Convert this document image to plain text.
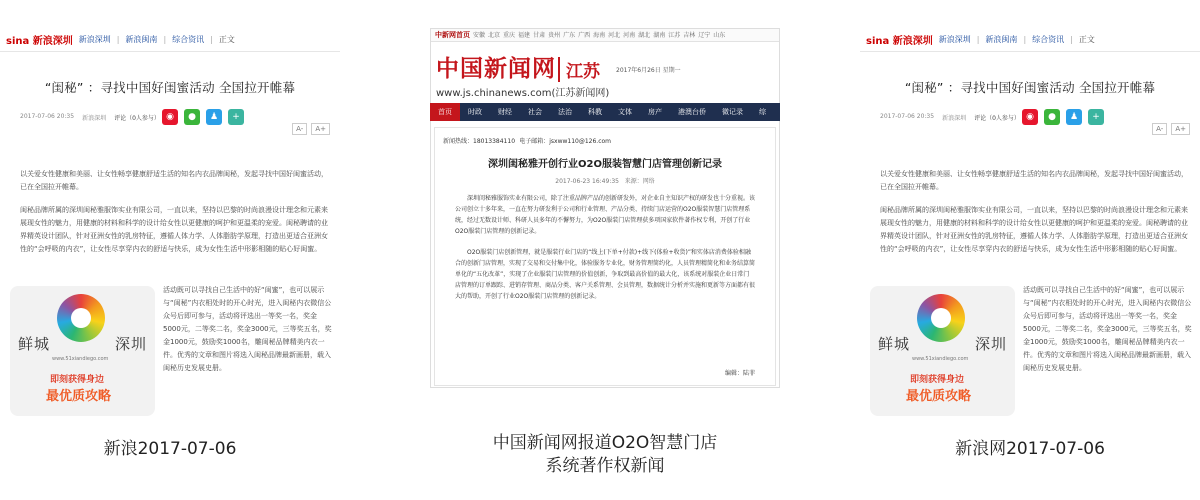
sina 新浪深圳 新浪深圳 | 新浪闽南 | 综合资讯 | 正文
“闺秘” ：寻找中国好闺蜜活动 全国拉开帷幕
2017-07-06 20:35 新浪深圳 评论（0人参与） ◉	●	♟	+
A-	A+
以关爱女性健康和美丽、让女性畅享健康舒适生活的知名内衣品牌闺秘，发起寻找中国好闺蜜活动，已在全国拉开帷幕。
闺秘品牌所属的深圳闺秘雅服饰实业有限公司，一直以来，坚持以巴黎的时尚浪漫设计理念和元素来展现女性的魅力，用健康的材料和科学的设计给女性以更健康的呵护和更温柔的宠爱。闺秘聘请的业界精英设计团队，针对亚洲女性的乳房特征，遵循人体力学、人体脂肪学原理，打造出更适合亚洲女性的“会呼吸的内衣”，让女性尽享穿内衣的舒适与快乐，成为女性生活中形影相随的贴心好闺蜜。
鲜城	深圳
www.51xiandiego.com
即刻获得身边
最优质攻略
活动既可以寻找自己生活中的好“闺蜜”，也可以展示与“闺秘”内衣相处时的开心时光，进入闺秘内衣微信公众号后即可参与，活动将评选出一等奖一名，奖金5000元，二等奖二名，奖金3000元，三等奖五名，奖金1000元，鼓励奖1000名，雕闺秘品牌精美内衣一件。优秀的文章和图片将选入闺秘品牌最新画册，载入闺秘历史发展史册。
中新网首页 安徽 北京 重庆 福建 甘肃 贵州 广东 广西 海南 河北 河南 湖北 湖南 江苏 吉林 辽宁 山东
中国新闻网 江苏	2017年6月26日 星期一
www.js.chinanews.com(江苏新闻网)
首页	时政	财经	社会	法治	科教	文体	房产	港澳台侨	微记录	综
新闻热线：18013384110 电子邮箱：jsxww110@126.com
深圳闺秘雅开创行业O2O服装智慧门店管理创新记录
2017-06-23 16:49:35 来源：网络
深圳闺秘雅服饰实业有限公司，除了注重品牌产品的创新研发外，对企业自主知识产权的研发也十分重视。该公司创立十多年来，一直在努力研发利于公司和行业管理、产品分类、持续门店运营的O2O服装智慧门店管理系统，经过无数设计师、科研人员多年的不懈努力，为O2O服装门店管理获多项国家软件著作权专利，开创了行业O2O服装门店管理的创新记录。
O2O服装门店创新管理，就是服装行业门店的“线上(下单+付款)+线下(体验+收货)”和实体店消费体验相融合的创新门店管理，实现了交易和交付集中化，体验服务专业化，财务管理简约化，人员管理精简化和业务结算简单化的“五化改革”，实现了企业服装门店管理的价值创新，争取到最高价值的最大化，该系统对服装企业日常门店管理的订单跟踪、进销存管理、商品分类、客户关系管理、会员管理，数据统计分析并实施和更新等方面都有很大的帮助，开创了行业O2O服装门店管理的创新记录。
编辑：陆菲
sina 新浪深圳 新浪深圳 | 新浪闽南 | 综合资讯 | 正文
“闺秘” ：寻找中国好闺蜜活动 全国拉开帷幕
2017-07-06 20:35 新浪深圳 评论（0人参与） ◉	●	♟	+
A-	A+
以关爱女性健康和美丽、让女性畅享健康舒适生活的知名内衣品牌闺秘，发起寻找中国好闺蜜活动，已在全国拉开帷幕。
闺秘品牌所属的深圳闺秘雅服饰实业有限公司，一直以来，坚持以巴黎的时尚浪漫设计理念和元素来展现女性的魅力，用健康的材料和科学的设计给女性以更健康的呵护和更温柔的宠爱。闺秘聘请的业界精英设计团队，针对亚洲女性的乳房特征，遵循人体力学、人体脂肪学原理，打造出更适合亚洲女性的“会呼吸的内衣”，让女性尽享穿内衣的舒适与快乐，成为女性生活中形影相随的贴心好闺蜜。
鲜城	深圳
www.51xiandiego.com
即刻获得身边
最优质攻略
活动既可以寻找自己生活中的好“闺蜜”，也可以展示与“闺秘”内衣相处时的开心时光，进入闺秘内衣微信公众号后即可参与，活动将评选出一等奖一名，奖金5000元，二等奖二名，奖金3000元，三等奖五名，奖金1000元，鼓励奖1000名，雕闺秘品牌精美内衣一件。优秀的文章和图片将选入闺秘品牌最新画册，载入闺秘历史发展史册。
新浪2017-07-06	中国新闻网报道O2O智慧门店
系统著作权新闻
新浪网2017-07-06
